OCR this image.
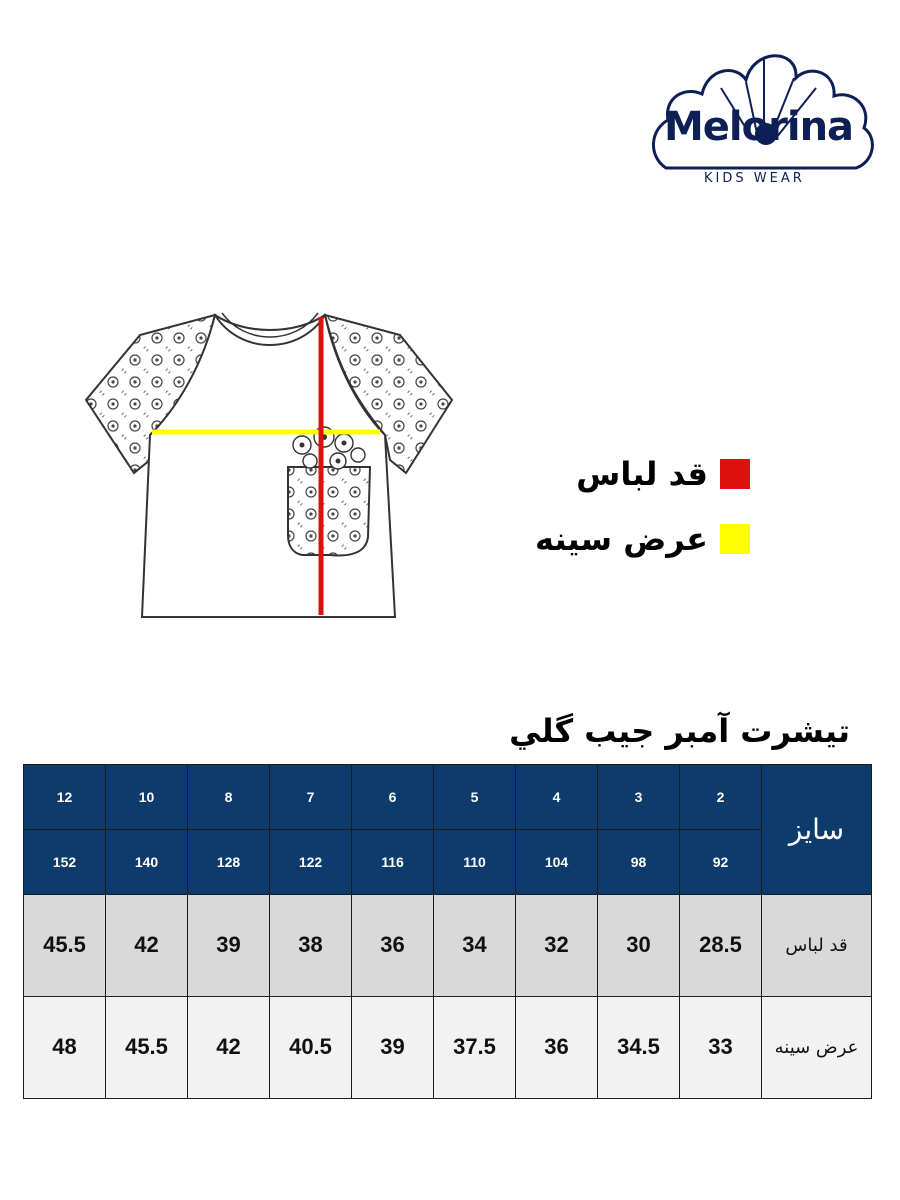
Melorina
KIDS WEAR
قد لباس
عرض سینه
تیشرت آمبر جیب گلي
12	10	8	7	6	5	4	3	2	سایز
152	140	128	122	116	110	104	98	92	
45.5	42	39	38	36	34	32	30	28.5	قد لباس
48	45.5	42	40.5	39	37.5	36	34.5	33	عرض سینه
